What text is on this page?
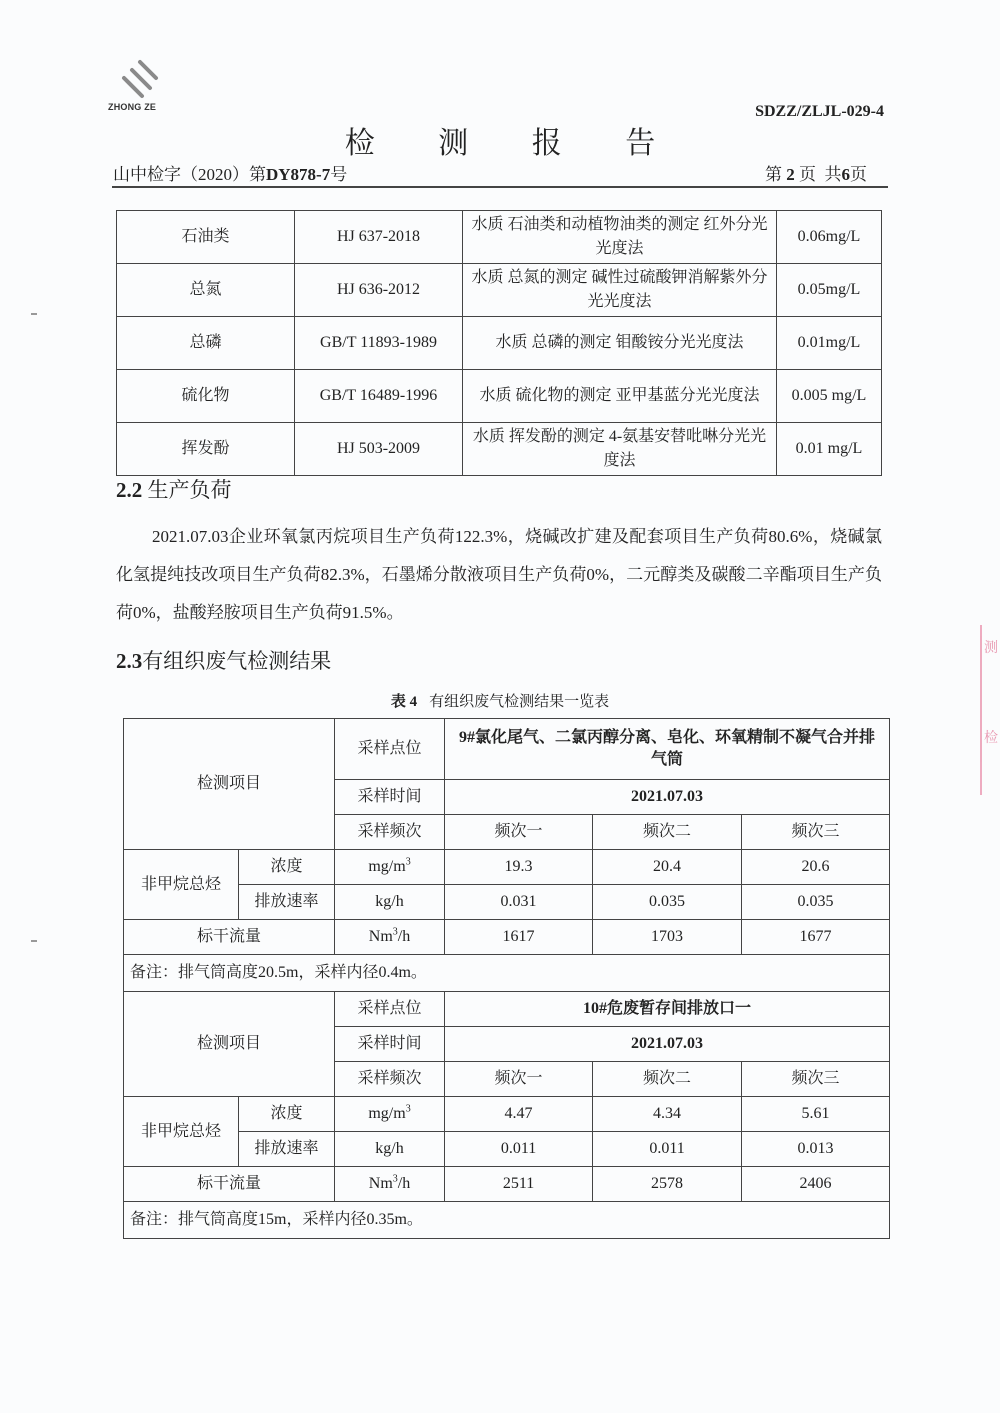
ZHONG ZE	SDZZ/ZLJL-029-4
检 测 报 告
山中检字（2020）第DY878-7号	第 2 页  共6页
石油类	HJ 637-2018	水质 石油类和动植物油类的测定 红外分光光度法	0.06mg/L
总氮	HJ 636-2012	水质 总氮的测定 碱性过硫酸钾消解紫外分光光度法	0.05mg/L
总磷	GB/T 11893-1989	水质 总磷的测定 钼酸铵分光光度法	0.01mg/L
硫化物	GB/T 16489-1996	水质 硫化物的测定 亚甲基蓝分光光度法	0.005 mg/L
挥发酚	HJ 503-2009	水质 挥发酚的测定 4-氨基安替吡啉分光光度法	0.01 mg/L
2.2 生产负荷
2021.07.03企业环氧氯丙烷项目生产负荷122.3%，烧碱改扩建及配套项目生产负荷80.6%，烧碱氯化氢提纯技改项目生产负荷82.3%，石墨烯分散液项目生产负荷0%，二元醇类及碳酸二辛酯项目生产负荷0%，盐酸羟胺项目生产负荷91.5%。
2.3有组织废气检测结果
表 4 有组织废气检测结果一览表
检测项目		采样点位	9#氯化尾气、二氯丙醇分离、皂化、环氧精制不凝气合并排气筒		
		采样时间	2021.07.03		
		采样频次	频次一	频次二	频次三
非甲烷总烃	浓度	$mg/m^3$	19.3	20.4	20.6
	排放速率	kg/h	0.031	0.035	0.035
标干流量		Nm$^3$/h	1617	1703	1677
备注：排气筒高度20.5m，采样内径0.4m。					
检测项目		采样点位	10#危废暂存间排放口一		
		采样时间	2021.07.03		
		采样频次	频次一	频次二	频次三
非甲烷总烃	浓度	$mg/m^3$	4.47	4.34	5.61
	排放速率	kg/h	0.011	0.011	0.013
标干流量		Nm$^3$/h	2511	2578	2406
备注：排气筒高度15m，采样内径0.35m。					
测
检
